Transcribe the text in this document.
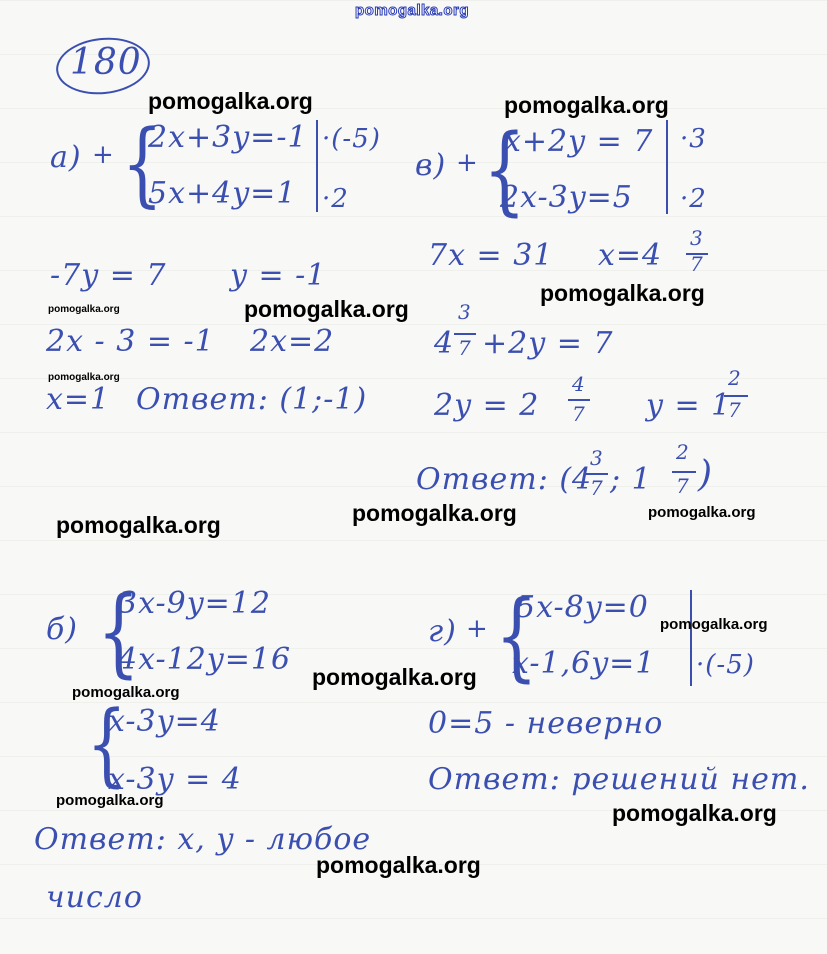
pomogalka.org
180
а) + {
2x+3y=-1
5x+4y=1
·(-5)
·2
-7y = 7 y = -1
2x - 3 = -1 2x=2
x=1 Ответ: (1;-1)
в) + {
x+2y = 7
2x-3y=5
·3
·2
7x = 31 x=4 3
7
4
3
7 +2y = 7
2y = 2
4
7 y = 1
2
7
Ответ: (4
3
7 ; 1
2
7 )
б) {
3x-9y=12
4x-12y=16
{
x-3y=4
x-3y = 4
Ответ: x, y - любое
число
г) + {
5x-8y=0
x-1,6y=1 ·(-5)
0=5 - неверно
Ответ: решений нет.
pomogalka.org	pomogalka.org
pomogalka.org	pomogalka.org
pomogalka.org
pomogalka.org
pomogalka.org	pomogalka.org	pomogalka.org
pomogalka.org
pomogalka.org
pomogalka.org
pomogalka.org	pomogalka.org
pomogalka.org
